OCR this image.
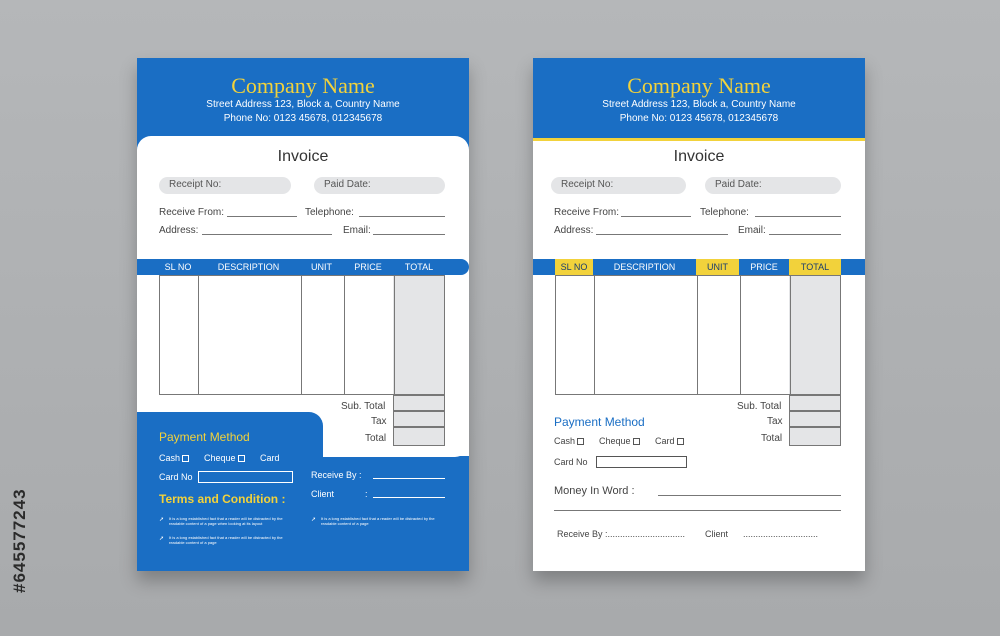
#645577243
Company Name
Street Address 123, Block a, Country Name
Phone No: 0123 45678, 012345678
Invoice
Receipt No:	Paid Date:
Receive From:	Telephone:
Address:	Email:
SL NO	DESCRIPTION	UNIT	PRICE	TOTAL
Sub. Total
Tax
Total
Payment Method
Cash	Cheque	Card
Card No	Receive By :
Client	:
Terms and Condition :
➚ It is a long established fact that a reader will be distracted by the readable content of a page when looking at its layout
➚ It is a long established fact that a reader will be distracted by the readable content of a page
➚ It is a long established fact that a reader will be distracted by the readable content of a page
Company Name
Street Address 123, Block a, Country Name
Phone No: 0123 45678, 012345678
Invoice
Receipt No:	Paid Date:
Receive From:	Telephone:
Address:	Email:
SL NO	DESCRIPTION	UNIT	PRICE	TOTAL
Sub. Total
Tax
Total
Payment Method
Cash	Cheque	Card
Card No
Money In Word :
Receive By :............................... Client ..............................
